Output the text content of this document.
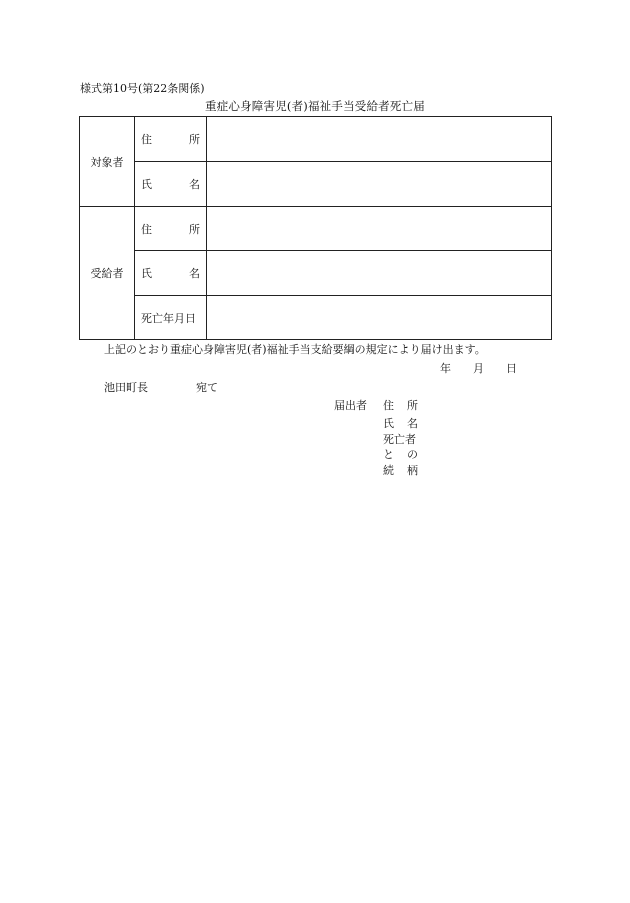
様式第10号(第22条関係)
重症心身障害児(者)福祉手当受給者死亡届
対象者	住 所	

	氏 名	

受給者	住 所	

	氏 名	

	死亡年月日	

上記のとおり重症心身障害児(者)福祉手当支給要綱の規定により届け出ます。
年 月 日
池田町長	宛て
届出者 住 所
氏 名
死亡者
と の
続 柄
